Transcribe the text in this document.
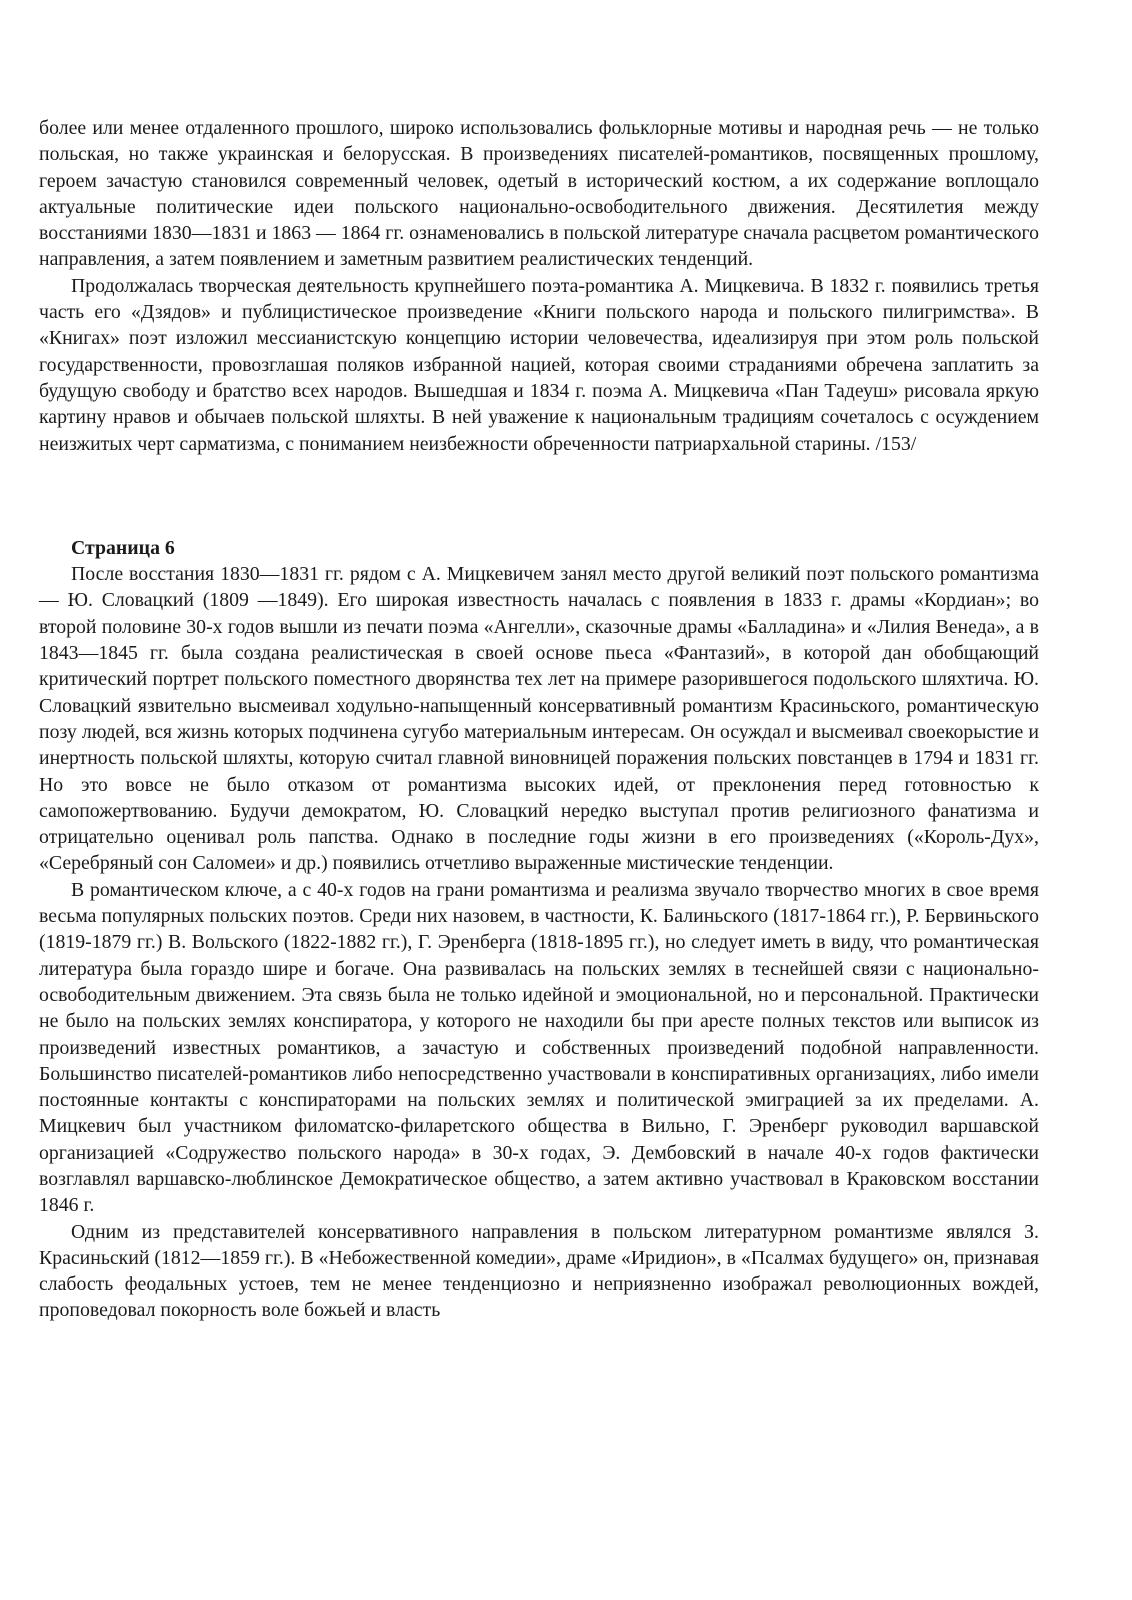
более или менее отдаленного прошлого, широко использовались фольклорные мотивы и народная речь — не только польская, но также украинская и белорусская. В произведениях писателей-романтиков, посвященных прошлому, героем зачастую становился современный человек, одетый в исторический костюм, а их содержание воплощало актуальные политические идеи польского национально-освободительного движения. Десятилетия между восстаниями 1830—1831 и 1863 — 1864 гг. ознаменовались в польской литературе сначала расцветом романтического направления, а затем появлением и заметным развитием реалистических тенденций.

Продолжалась творческая деятельность крупнейшего поэта-романтика А. Мицкевича. В 1832 г. появились третья часть его «Дзядов» и публицистическое произведение «Книги польского народа и польского пилигримства». В «Книгах» поэт изложил мессианистскую концепцию истории человечества, идеализируя при этом роль польской государственности, провозглашая поляков избранной нацией, которая своими страданиями обречена заплатить за будущую свободу и братство всех народов. Вышедшая и 1834 г. поэма А. Мицкевича «Пан Тадеуш» рисовала яркую картину нравов и обычаев польской шляхты. В ней уважение к национальным традициям сочеталось с осуждением неизжитых черт сарматизма, с пониманием неизбежности обреченности патриархальной старины. /153/

Страница 6

После восстания 1830—1831 гг. рядом с А. Мицкевичем занял место другой великий поэт польского романтизма — Ю. Словацкий (1809 —1849). Его широкая известность началась с появления в 1833 г. драмы «Кордиан»; во второй половине 30-х годов вышли из печати поэма «Ангелли», сказочные драмы «Балладина» и «Лилия Венеда», а в 1843—1845 гг. была создана реалистическая в своей основе пьеса «Фантазий», в которой дан обобщающий критический портрет польского поместного дворянства тех лет на примере разорившегося подольского шляхтича. Ю. Словацкий язвительно высмеивал ходульно-напыщенный консервативный романтизм Красиньского, романтическую позу людей, вся жизнь которых подчинена сугубо материальным интересам. Он осуждал и высмеивал своекорыстие и инертность польской шляхты, которую считал главной виновницей поражения польских повстанцев в 1794 и 1831 гг. Но это вовсе не было отказом от романтизма высоких идей, от преклонения перед готовностью к самопожертвованию. Будучи демократом, Ю. Словацкий нередко выступал против религиозного фанатизма и отрицательно оценивал роль папства. Однако в последние годы жизни в его произведениях («Король-Дух», «Серебряный сон Саломеи» и др.) появились отчетливо выраженные мистические тенденции.

В романтическом ключе, а с 40-х годов на грани романтизма и реализма звучало творчество многих в свое время весьма популярных польских поэтов. Среди них назовем, в частности, К. Балиньского (1817-1864 гг.), Р. Бервиньского (1819-1879 гг.) В. Вольского (1822-1882 гг.), Г. Эренберга (1818-1895 гг.), но следует иметь в виду, что романтическая литература была гораздо шире и богаче. Она развивалась на польских землях в теснейшей связи с национально- освободительным движением. Эта связь была не только идейной и эмоциональной, но и персональной. Практически не было на польских землях конспиратора, у которого не находили бы при аресте полных текстов или выписок из произведений известных романтиков, а зачастую и собственных произведений подобной направленности. Большинство писателей-романтиков либо непосредственно участвовали в конспиративных организациях, либо имели постоянные контакты с конспираторами на польских землях и политической эмиграцией за их пределами. А. Мицкевич был участником филоматско-филаретского общества в Вильно, Г. Эренберг руководил варшавской организацией «Содружество польского народа» в 30-х годах, Э. Дембовский в начале 40-х годов фактически возглавлял варшавско-люблинское Демократическое общество, а затем активно участвовал в Краковском восстании 1846 г.

Одним из представителей консервативного направления в польском литературном романтизме являлся З. Красиньский (1812—1859 гг.). В «Небожественной комедии», драме «Иридион», в «Псалмах будущего» он, признавая слабость феодальных устоев, тем не менее тенденциозно и неприязненно изображал революционных вождей, проповедовал покорность воле божьей и власть
